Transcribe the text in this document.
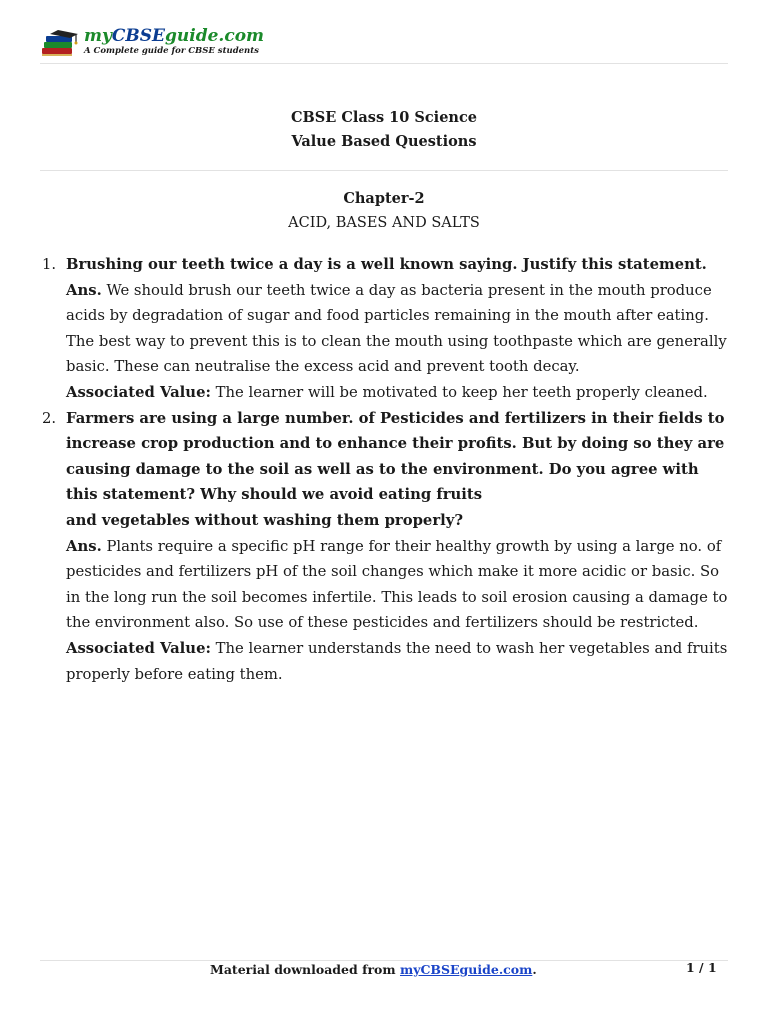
myCBSEguide.com
A Complete guide for CBSE students
CBSE Class 10 Science
Value Based Questions
Chapter-2
ACID, BASES AND SALTS
1. Brushing our teeth twice a day is a well known saying. Justify this statement.
Ans. We should brush our teeth twice a day as bacteria present in the mouth produce acids by degradation of sugar and food particles remaining in the mouth after eating. The best way to prevent this is to clean the mouth using toothpaste which are generally basic. These can neutralise the excess acid and prevent tooth decay.
Associated Value: The learner will be motivated to keep her teeth properly cleaned.
2. Farmers are using a large number. of Pesticides and fertilizers in their fields to increase crop production and to enhance their profits. But by doing so they are causing damage to the soil as well as to the environment. Do you agree with this statement? Why should we avoid eating fruits
and vegetables without washing them properly?
Ans. Plants require a specific pH range for their healthy growth by using a large no. of pesticides and fertilizers pH of the soil changes which make it more acidic or basic. So in the long run the soil becomes infertile. This leads to soil erosion causing a damage to the environment also. So use of these pesticides and fertilizers should be restricted.
Associated Value: The learner understands the need to wash her vegetables and fruits properly before eating them.
Material downloaded from myCBSEguide.com.	1 / 1
